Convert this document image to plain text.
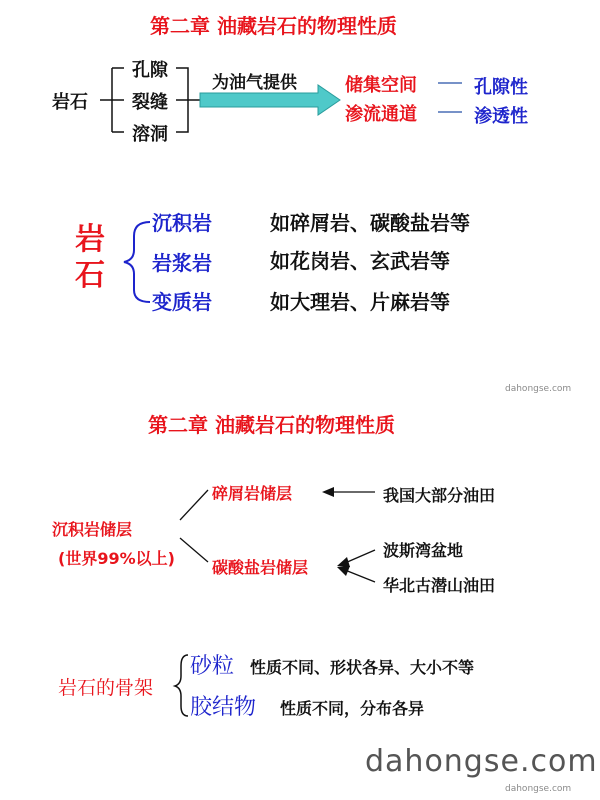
第二章 油藏岩石的物理性质
岩石
孔隙
裂缝
溶洞
为油气提供	储集空间
渗流通道
孔隙性
渗透性
岩石
沉积岩	如碎屑岩、碳酸盐岩等
岩浆岩	如花岗岩、玄武岩等
变质岩	如大理岩、片麻岩等
dahongse.com
第二章 油藏岩石的物理性质
沉积岩储层
(世界99%以上)
碎屑岩储层
碳酸盐岩储层
我国大部分油田
波斯湾盆地
华北古潜山油田
岩石的骨架
砂粒 性质不同、形状各异、大小不等
胶结物 性质不同，分布各异
dahongse.com
dahongse.com
